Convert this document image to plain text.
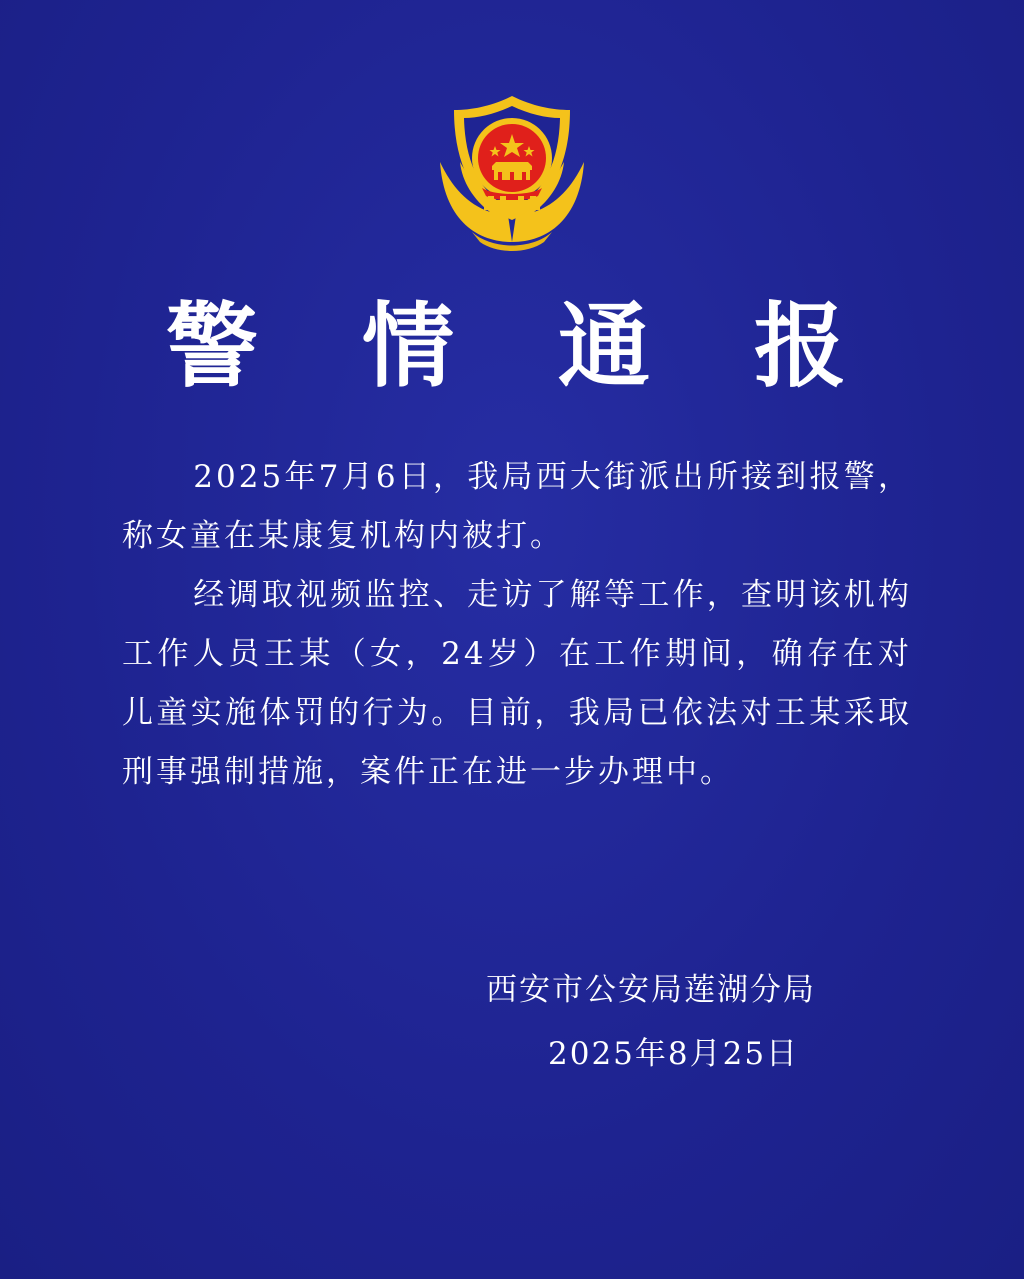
警 情 通 报

2025年7月6日，我局西大街派出所接到报警，称女童在某康复机构内被打。

经调取视频监控、走访了解等工作，查明该机构工作人员王某（女，24岁）在工作期间，确存在对儿童实施体罚的行为。目前，我局已依法对王某采取刑事强制措施，案件正在进一步办理中。

西安市公安局莲湖分局
2025年8月25日
